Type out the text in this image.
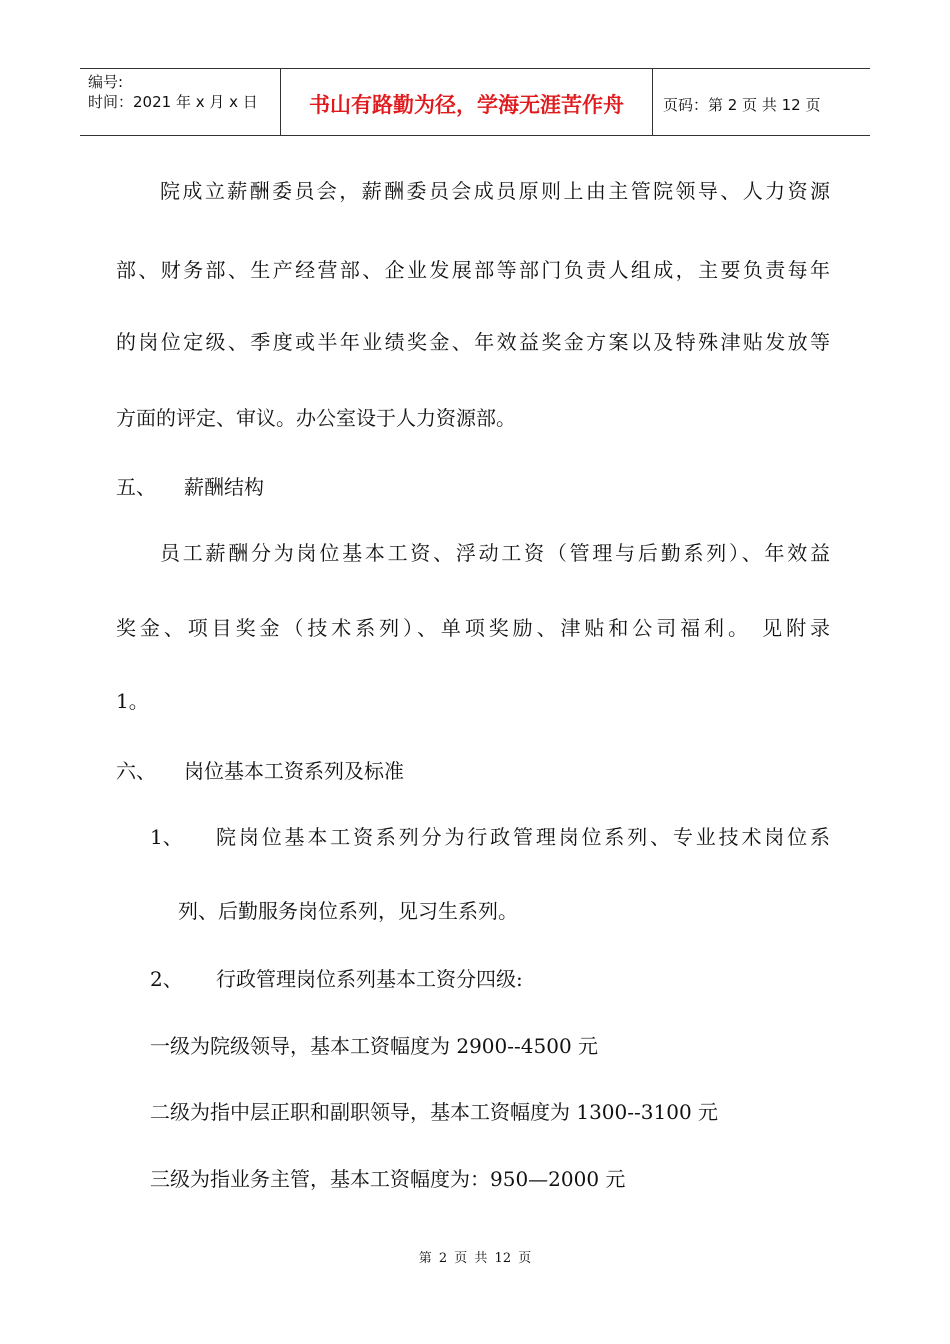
编号:
时间：2021 年 x 月 x 日	书山有路勤为径，学海无涯苦作舟	页码：第 2 页 共 12 页
院成立薪酬委员会，薪酬委员会成员原则上由主管院领导、人力资源
部、财务部、生产经营部、企业发展部等部门负责人组成，主要负责每年
的岗位定级、季度或半年业绩奖金、年效益奖金方案以及特殊津贴发放等
方面的评定、审议。办公室设于人力资源部。
五、 薪酬结构
员工薪酬分为岗位基本工资、浮动工资（管理与后勤系列）、年效益
奖金、项目奖金（技术系列）、单项奖励、津贴和公司福利。 见附录
1。
六、 岗位基本工资系列及标准
1、 院岗位基本工资系列分为行政管理岗位系列、专业技术岗位系
列、后勤服务岗位系列，见习生系列。
2、 行政管理岗位系列基本工资分四级:
一级为院级领导，基本工资幅度为 2900--4500 元
二级为指中层正职和副职领导，基本工资幅度为 1300--3100 元
三级为指业务主管，基本工资幅度为：950—2000 元
第 2 页 共 12 页
